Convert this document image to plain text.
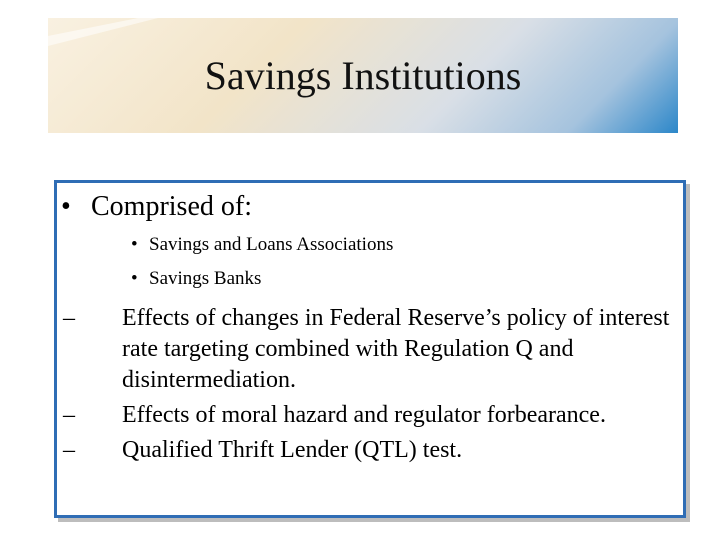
Savings Institutions
• Comprised of:
• Savings and Loans Associations
• Savings Banks
–	Effects of changes in Federal Reserve’s policy of interest rate targeting combined with Regulation Q and disintermediation.
–	Effects of moral hazard and regulator forbearance.
–	Qualified Thrift Lender (QTL) test.
